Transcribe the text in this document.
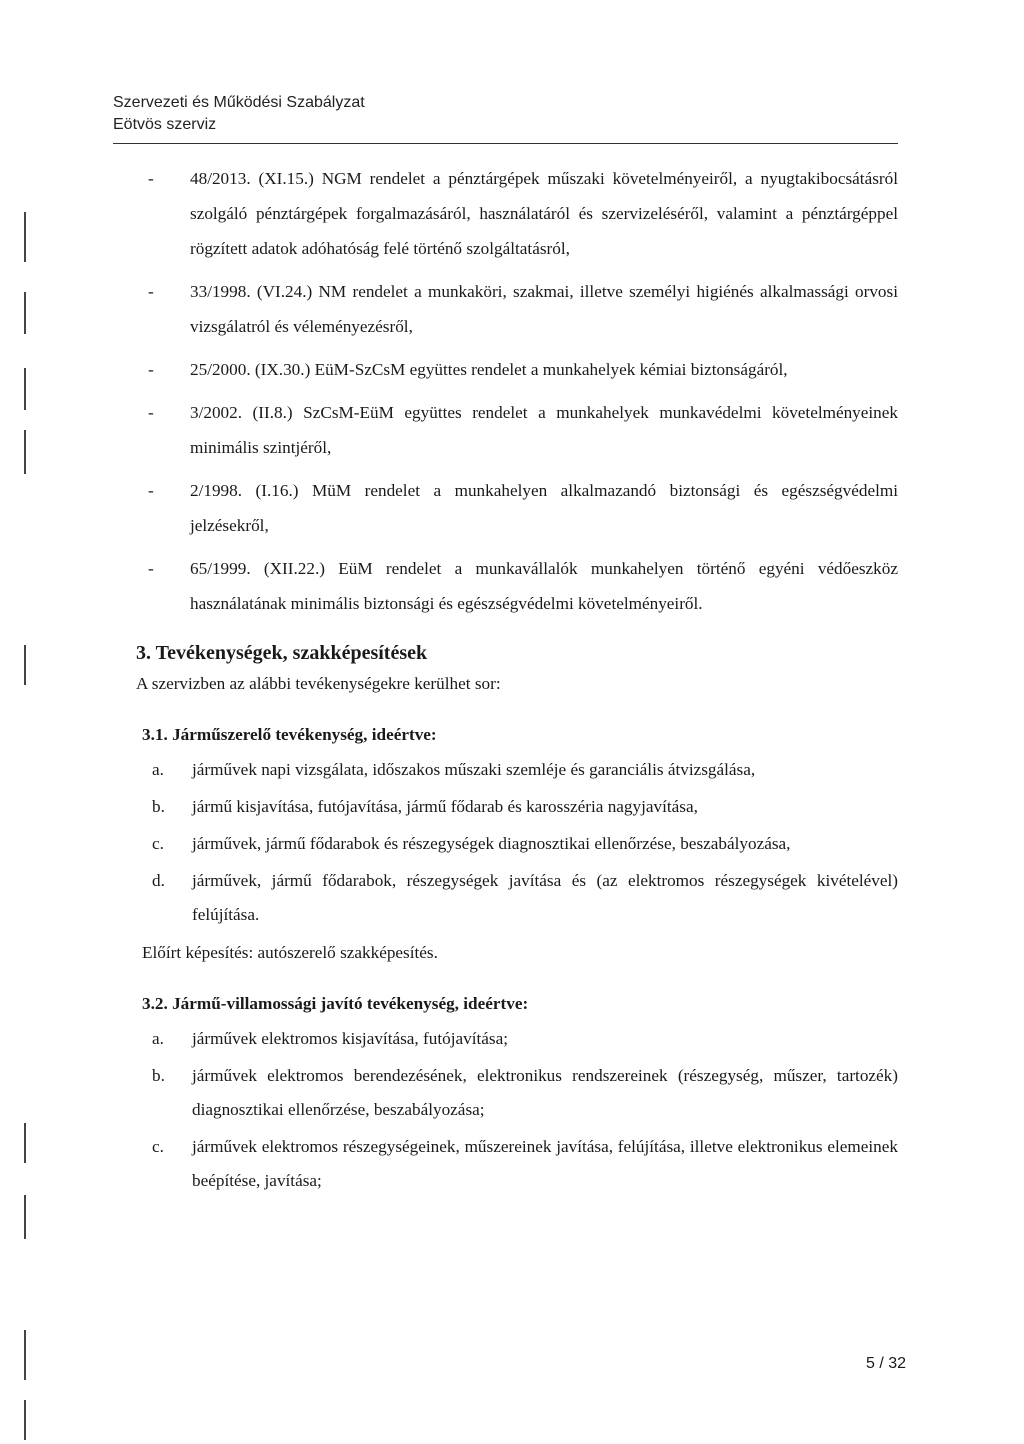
Szervezeti és Működési Szabályzat
Eötvös szerviz
-	48/2013. (XI.15.) NGM rendelet a pénztárgépek műszaki követelményeiről, a nyugtakibocsátásról szolgáló pénztárgépek forgalmazásáról, használatáról és szervizeléséről, valamint a pénztárgéppel rögzített adatok adóhatóság felé történő szolgáltatásról,
-	33/1998. (VI.24.) NM rendelet a munkaköri, szakmai, illetve személyi higiénés alkalmassági orvosi vizsgálatról és véleményezésről,
-	25/2000. (IX.30.) EüM-SzCsM együttes rendelet a munkahelyek kémiai biztonságáról,
-	3/2002. (II.8.) SzCsM-EüM együttes rendelet a munkahelyek munkavédelmi követelményeinek minimális szintjéről,
-	2/1998. (I.16.) MüM rendelet a munkahelyen alkalmazandó biztonsági és egészségvédelmi jelzésekről,
-	65/1999. (XII.22.) EüM rendelet a munkavállalók munkahelyen történő egyéni védőeszköz használatának minimális biztonsági és egészségvédelmi követelményeiről.
3. Tevékenységek, szakképesítések
A szervizben az alábbi tevékenységekre kerülhet sor:
3.1. Járműszerelő tevékenység, ideértve:
a.	járművek napi vizsgálata, időszakos műszaki szemléje és garanciális átvizsgálása,
b.	jármű kisjavítása, futójavítása, jármű fődarab és karosszéria nagyjavítása,
c.	járművek, jármű fődarabok és részegységek diagnosztikai ellenőrzése, beszabályozása,
d.	járművek, jármű fődarabok, részegységek javítása és (az elektromos részegységek kivételével) felújítása.
Előírt képesítés: autószerelő szakképesítés.
3.2. Jármű-villamossági javító tevékenység, ideértve:
a.	járművek elektromos kisjavítása, futójavítása;
b.	járművek elektromos berendezésének, elektronikus rendszereinek (részegység, műszer, tartozék) diagnosztikai ellenőrzése, beszabályozása;
c.	járművek elektromos részegységeinek, műszereinek javítása, felújítása, illetve elektronikus elemeinek beépítése, javítása;
5 / 32
